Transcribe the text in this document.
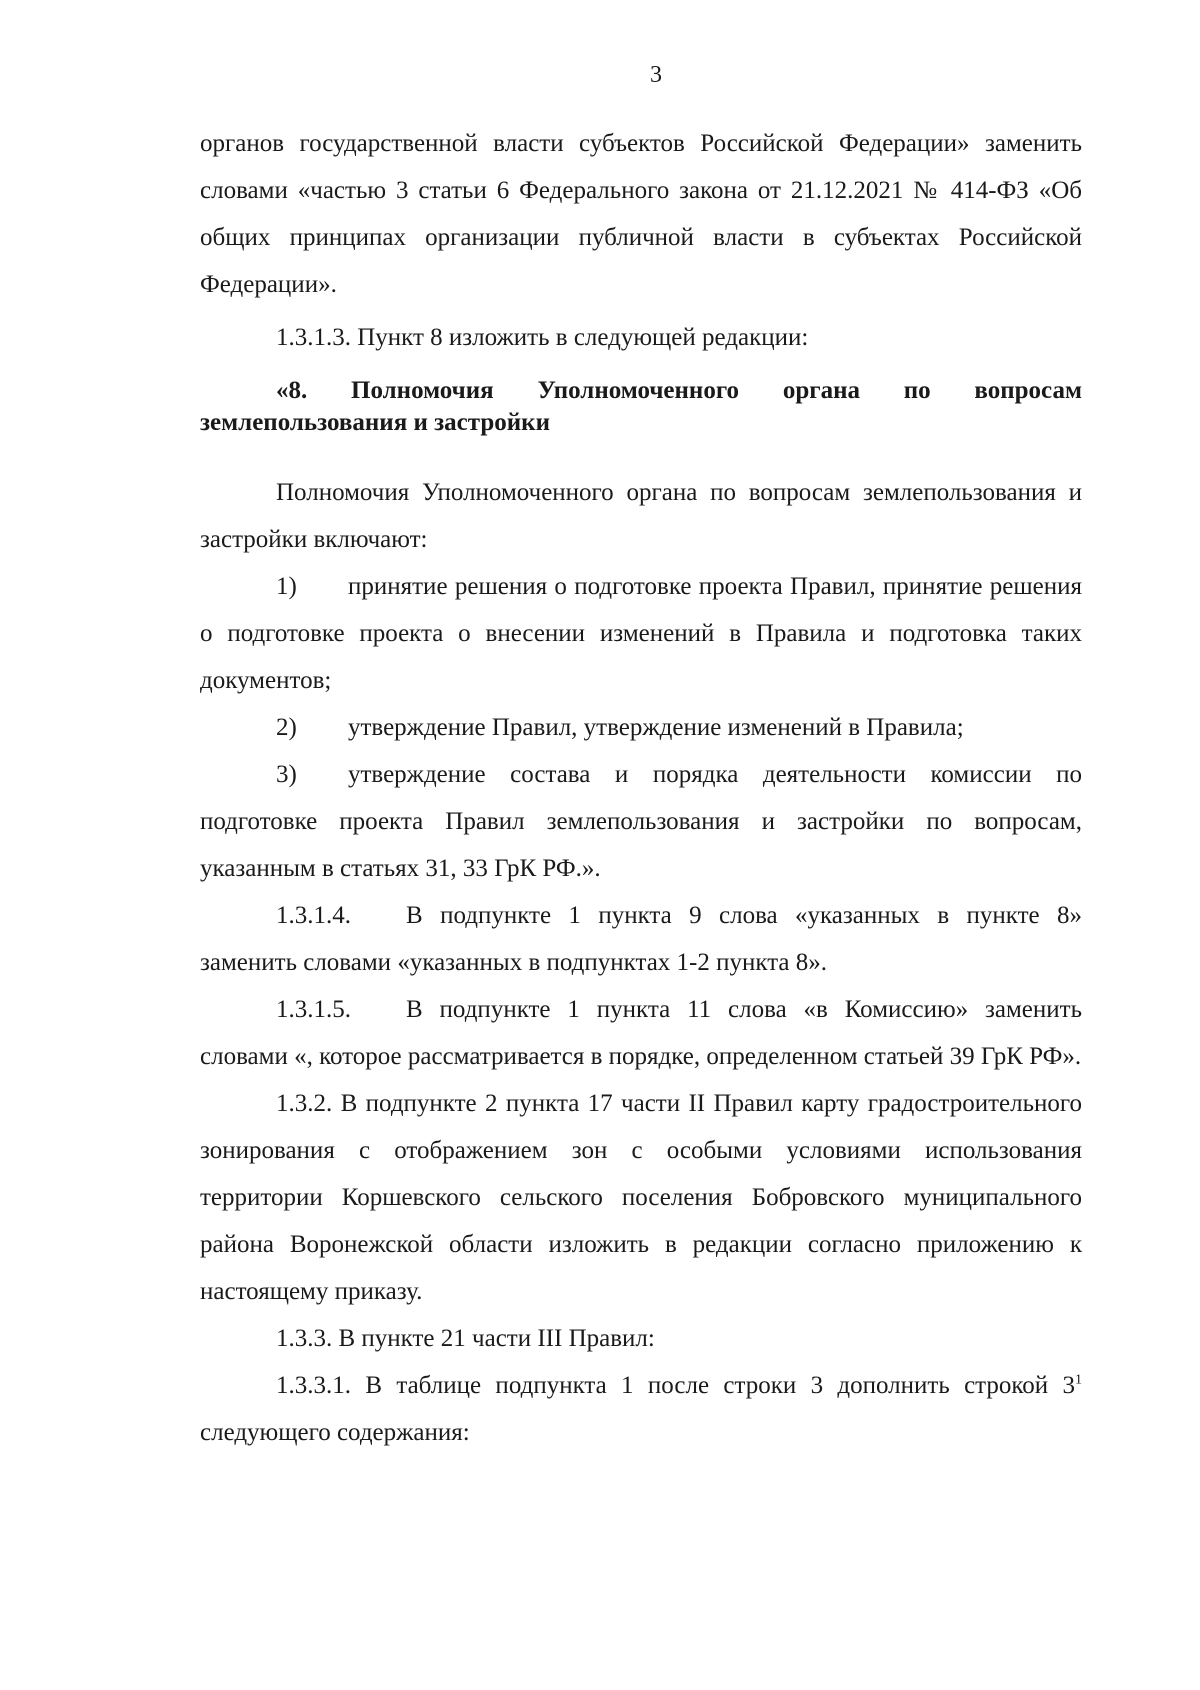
3

органов государственной власти субъектов Российской Федерации» заменить словами «частью 3 статьи 6 Федерального закона от 21.12.2021 № 414-ФЗ «Об общих принципах организации публичной власти в субъектах Российской Федерации».

1.3.1.3. Пункт 8 изложить в следующей редакции:

«8. Полномочия Уполномоченного органа по вопросам землепользования и застройки

Полномочия Уполномоченного органа по вопросам землепользования и застройки включают:

1) принятие решения о подготовке проекта Правил, принятие решения о подготовке проекта о внесении изменений в Правила и подготовка таких документов;

2) утверждение Правил, утверждение изменений в Правила;

3) утверждение состава и порядка деятельности комиссии по подготовке проекта Правил землепользования и застройки по вопросам, указанным в статьях 31, 33 ГрК РФ.».

1.3.1.4. В подпункте 1 пункта 9 слова «указанных в пункте 8» заменить словами «указанных в подпунктах 1-2 пункта 8».

1.3.1.5. В подпункте 1 пункта 11 слова «в Комиссию» заменить словами «, которое рассматривается в порядке, определенном статьей 39 ГрК РФ».

1.3.2. В подпункте 2 пункта 17 части II Правил карту градостроительного зонирования с отображением зон с особыми условиями использования территории Коршевского сельского поселения Бобровского муниципального района Воронежской области изложить в редакции согласно приложению к настоящему приказу.

1.3.3. В пункте 21 части III Правил:

1.3.3.1. В таблице подпункта 1 после строки 3 дополнить строкой $3^1$ следующего содержания:
